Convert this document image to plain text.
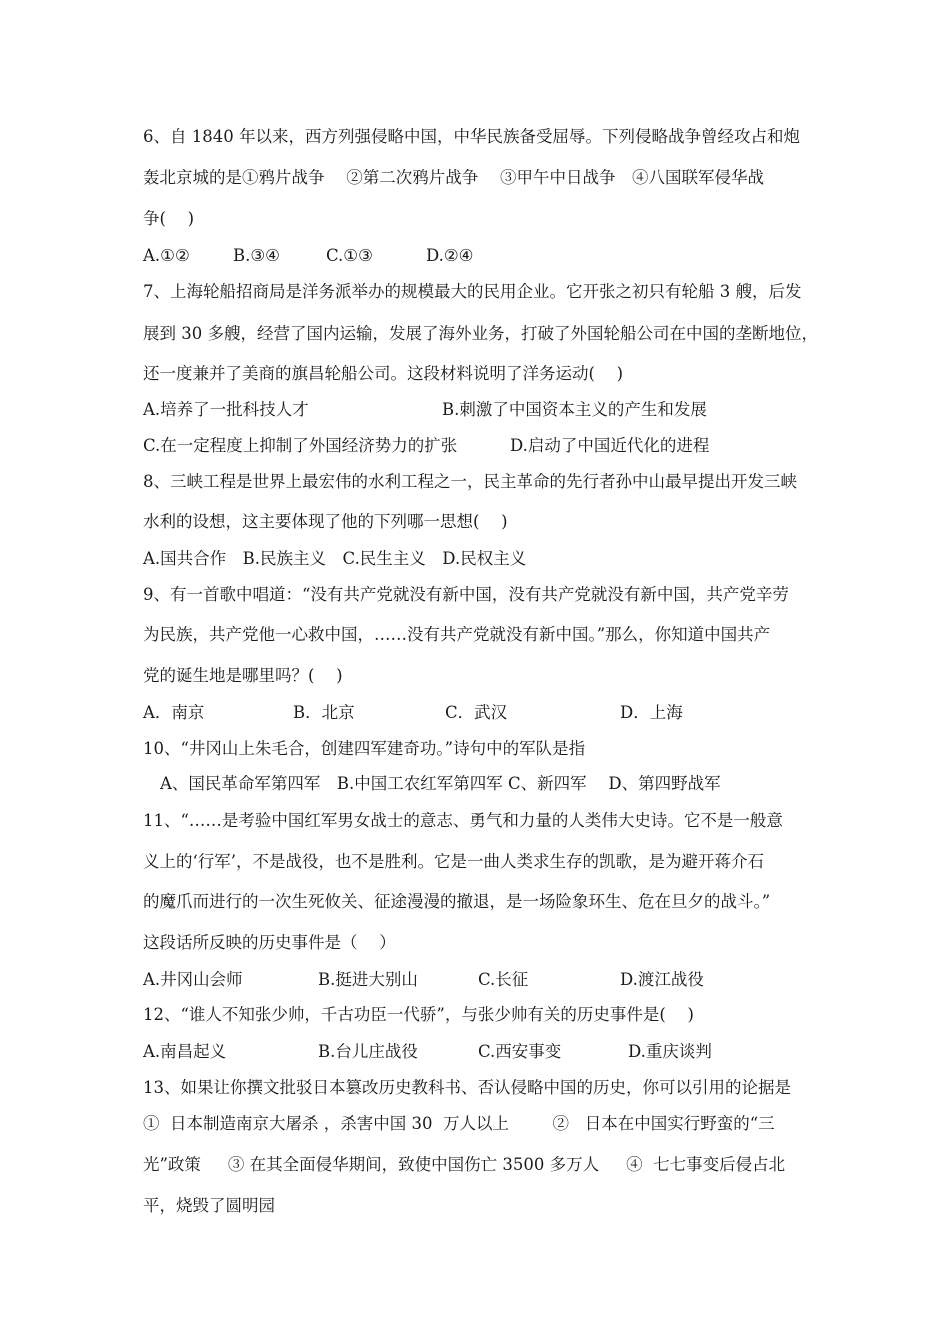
6、自 1840 年以来，西方列强侵略中国，中华民族备受屈辱。下列侵略战争曾经攻占和炮
轰北京城的是①鸦片战争　 ②第二次鸦片战争　 ③甲午中日战争　④八国联军侵华战
争(　 )
A.①②	B.③④	C.①③	D.②④
7、上海轮船招商局是洋务派举办的规模最大的民用企业。它开张之初只有轮船 3 艘，后发
展到 30 多艘，经营了国内运输，发展了海外业务，打破了外国轮船公司在中国的垄断地位，
还一度兼并了美商的旗昌轮船公司。这段材料说明了洋务运动(　 )
A.培养了一批科技人才	B.刺激了中国资本主义的产生和发展
C.在一定程度上抑制了外国经济势力的扩张	D.启动了中国近代化的进程
8、三峡工程是世界上最宏伟的水利工程之一，民主革命的先行者孙中山最早提出开发三峡
水利的设想，这主要体现了他的下列哪一思想(　 )
A.国共合作　B.民族主义　C.民生主义　D.民权主义
9、有一首歌中唱道：“没有共产党就没有新中国，没有共产党就没有新中国，共产党辛劳
为民族，共产党他一心救中国，……没有共产党就没有新中国。”那么，你知道中国共产
党的诞生地是哪里吗？(　 )
A．南京	B．北京	C．武汉	D．上海
10、“井冈山上朱毛合，创建四军建奇功。”诗句中的军队是指
A、国民革命军第四军　B.中国工农红军第四军 C、新四军　 D、第四野战军
11、“……是考验中国红军男女战士的意志、勇气和力量的人类伟大史诗。它不是一般意
义上的‘行军’，不是战役，也不是胜利。它是一曲人类求生存的凯歌，是为避开蒋介石
的魔爪而进行的一次生死攸关、征途漫漫的撤退，是一场险象环生、危在旦夕的战斗。”
这段话所反映的历史事件是（　 ）
A.井冈山会师	B.挺进大别山	C.长征	D.渡江战役
12、“谁人不知张少帅，千古功臣一代骄”，与张少帅有关的历史事件是(　 )
A.南昌起义	B.台儿庄战役	C.西安事变	D.重庆谈判
13、如果让你撰文批驳日本篡改历史教科书、否认侵略中国的历史，你可以引用的论据是
①  日本制造南京大屠杀 ，杀害中国 30  万人以上　　  ②   日本在中国实行野蛮的“三
光”政策　  ③ 在其全面侵华期间，致使中国伤亡 3500 多万人　  ④  七七事变后侵占北
平，烧毁了圆明园
